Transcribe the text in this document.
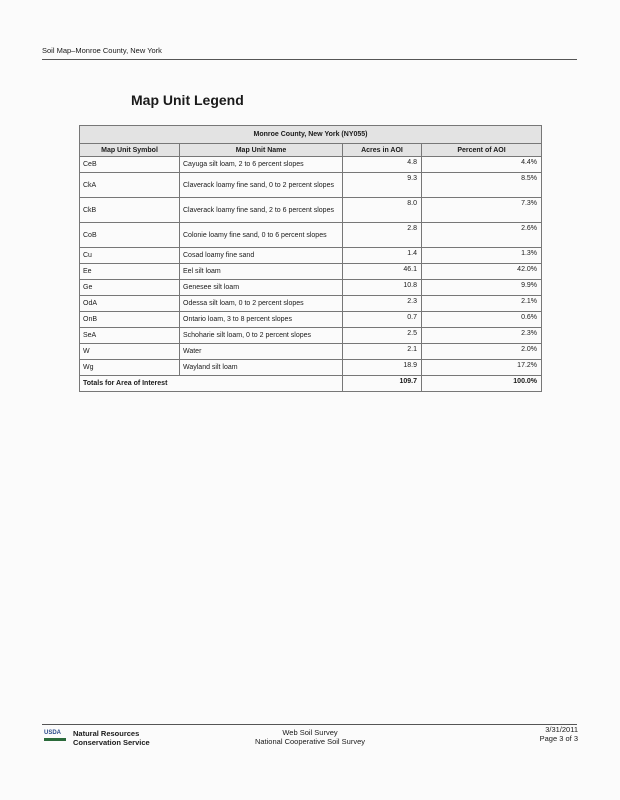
Soil Map–Monroe County, New York
Map Unit Legend
Monroe County, New York (NY055)			
Map Unit Symbol	Map Unit Name	Acres in AOI	Percent of AOI
CeB	Cayuga silt loam, 2 to 6 percent slopes	4.8	4.4%
CkA	Claverack loamy fine sand, 0 to 2 percent slopes	9.3	8.5%
CkB	Claverack loamy fine sand, 2 to 6 percent slopes	8.0	7.3%
CoB	Colonie loamy fine sand, 0 to 6 percent slopes	2.8	2.6%
Cu	Cosad loamy fine sand	1.4	1.3%
Ee	Eel silt loam	46.1	42.0%
Ge	Genesee silt loam	10.8	9.9%
OdA	Odessa silt loam, 0 to 2 percent slopes	2.3	2.1%
OnB	Ontario loam, 3 to 8 percent slopes	0.7	0.6%
SeA	Schoharie silt loam, 0 to 2 percent slopes	2.5	2.3%
W	Water	2.1	2.0%
Wg	Wayland silt loam	18.9	17.2%
Totals for Area of Interest		109.7	100.0%
USDA	Natural Resources
Conservation Service
Web Soil Survey
National Cooperative Soil Survey
3/31/2011
Page 3 of 3
